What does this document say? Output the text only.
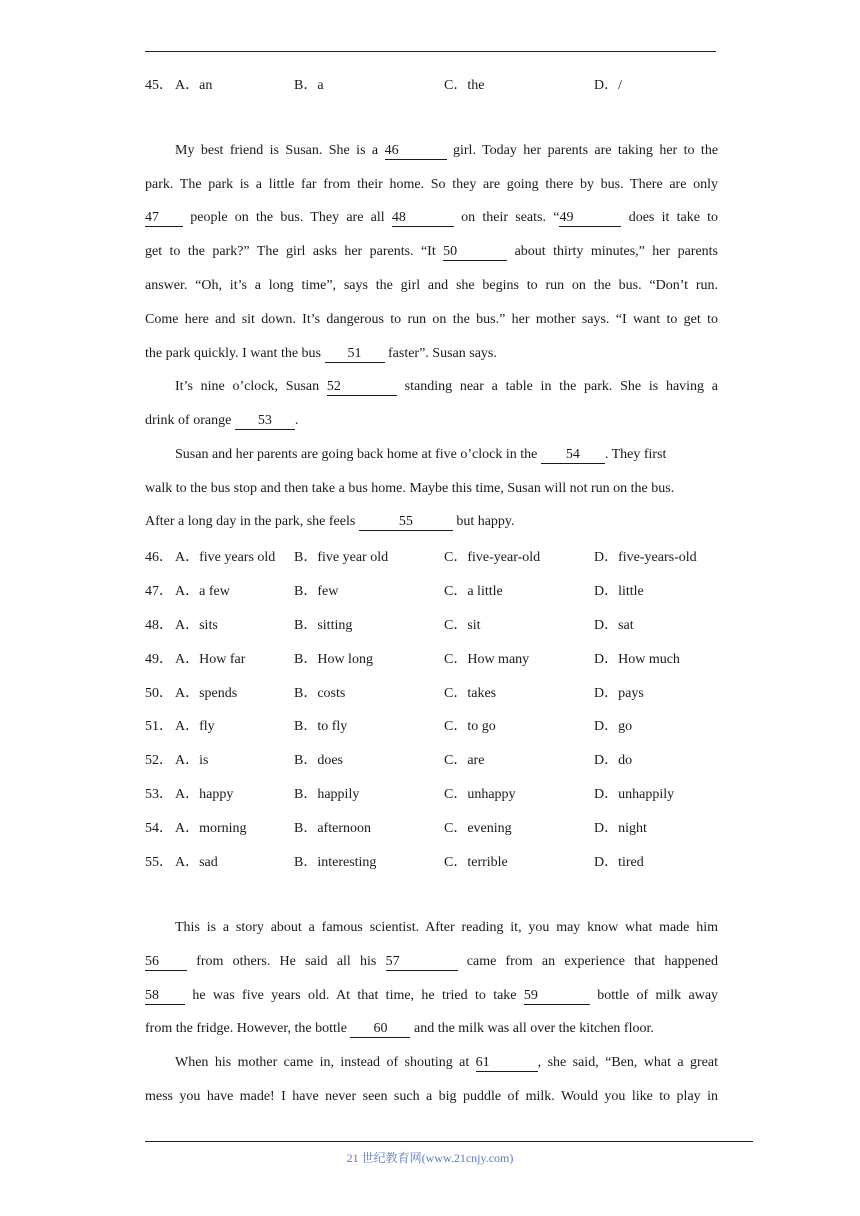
45． A．an	B．a	C．the	D．/
My best friend is Susan. She is a 46	girl. Today her parents are taking her to the
park. The park is a little far from their home. So they are going there by bus. There are only
47 people on the bus. They are all 48	on their seats. “49	does it take to
get to the park?” The girl asks her parents. “It 50	about thirty minutes,” her parents
answer. “Oh, it’s a long time”, says the girl and she begins to run on the bus. “Don’t run.
Come here and sit down. It’s dangerous to run on the bus.” her mother says. “I want to get to
the park quickly. I want the bus 51 faster”. Susan says.
It’s nine o’clock, Susan 52	standing near a table in the park. She is having a
drink of orange 53 .
Susan and her parents are going back home at five o’clock in the 54 . They first
walk to the bus stop and then take a bus home. Maybe this time, Susan will not run on the bus.
After a long day in the park, she feels	55	but happy.
46． A．five years old B．five year old	C．five-year-old	D．five-years-old
47． A．a few	B．few	C．a little	D．little
48． A．sits	B．sitting	C．sit	D．sat
49． A．How far	B．How long	C．How many	D．How much
50． A．spends	B．costs	C．takes	D．pays
51． A．fly	B．to fly	C．to go	D．go
52． A．is	B．does	C．are	D．do
53． A．happy	B．happily	C．unhappy	D．unhappily
54． A．morning	B．afternoon	C．evening	D．night
55． A．sad	B．interesting	C．terrible	D．tired
This is a story about a famous scientist. After reading it, you may know what made him
56	from others. He said all his 57	came from an experience that happened
58 he was five years old. At that time, he tried to take 59	bottle of milk away
from the fridge. However, the bottle 60 and the milk was all over the kitchen floor.
When his mother came in, instead of shouting at 61	, she said, “Ben, what a great
mess you have made! I have never seen such a big puddle of milk. Would you like to play in
21 世纪教育网(www.21cnjy.com)
